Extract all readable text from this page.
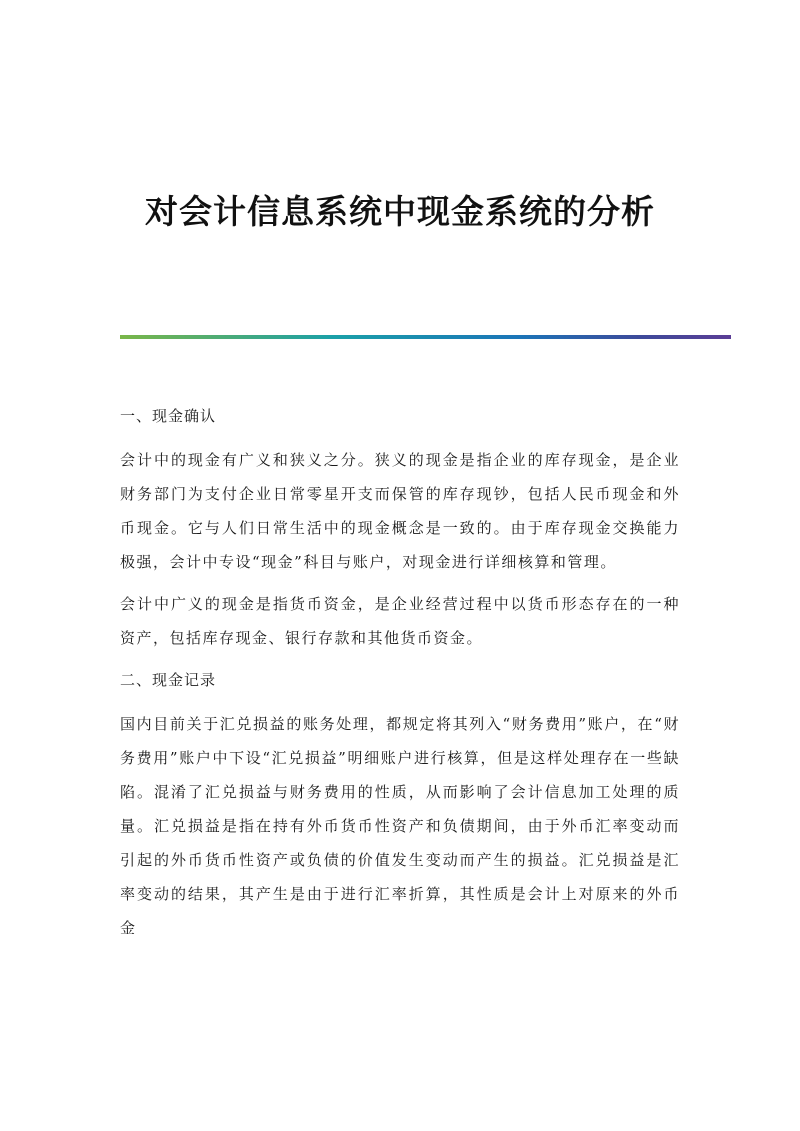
对会计信息系统中现金系统的分析

一、现金确认

会计中的现金有广义和狭义之分。狭义的现金是指企业的库存现金，是企业财务部门为支付企业日常零星开支而保管的库存现钞，包括人民币现金和外币现金。它与人们日常生活中的现金概念是一致的。由于库存现金交换能力极强，会计中专设“现金”科目与账户，对现金进行详细核算和管理。

会计中广义的现金是指货币资金，是企业经营过程中以货币形态存在的一种资产，包括库存现金、银行存款和其他货币资金。

二、现金记录

国内目前关于汇兑损益的账务处理，都规定将其列入“财务费用”账户，在“财务费用”账户中下设“汇兑损益”明细账户进行核算，但是这样处理存在一些缺陷。混淆了汇兑损益与财务费用的性质，从而影响了会计信息加工处理的质量。汇兑损益是指在持有外币货币性资产和负债期间，由于外币汇率变动而引起的外币货币性资产或负债的价值发生变动而产生的损益。汇兑损益是汇率变动的结果，其产生是由于进行汇率折算，其性质是会计上对原来的外币金
